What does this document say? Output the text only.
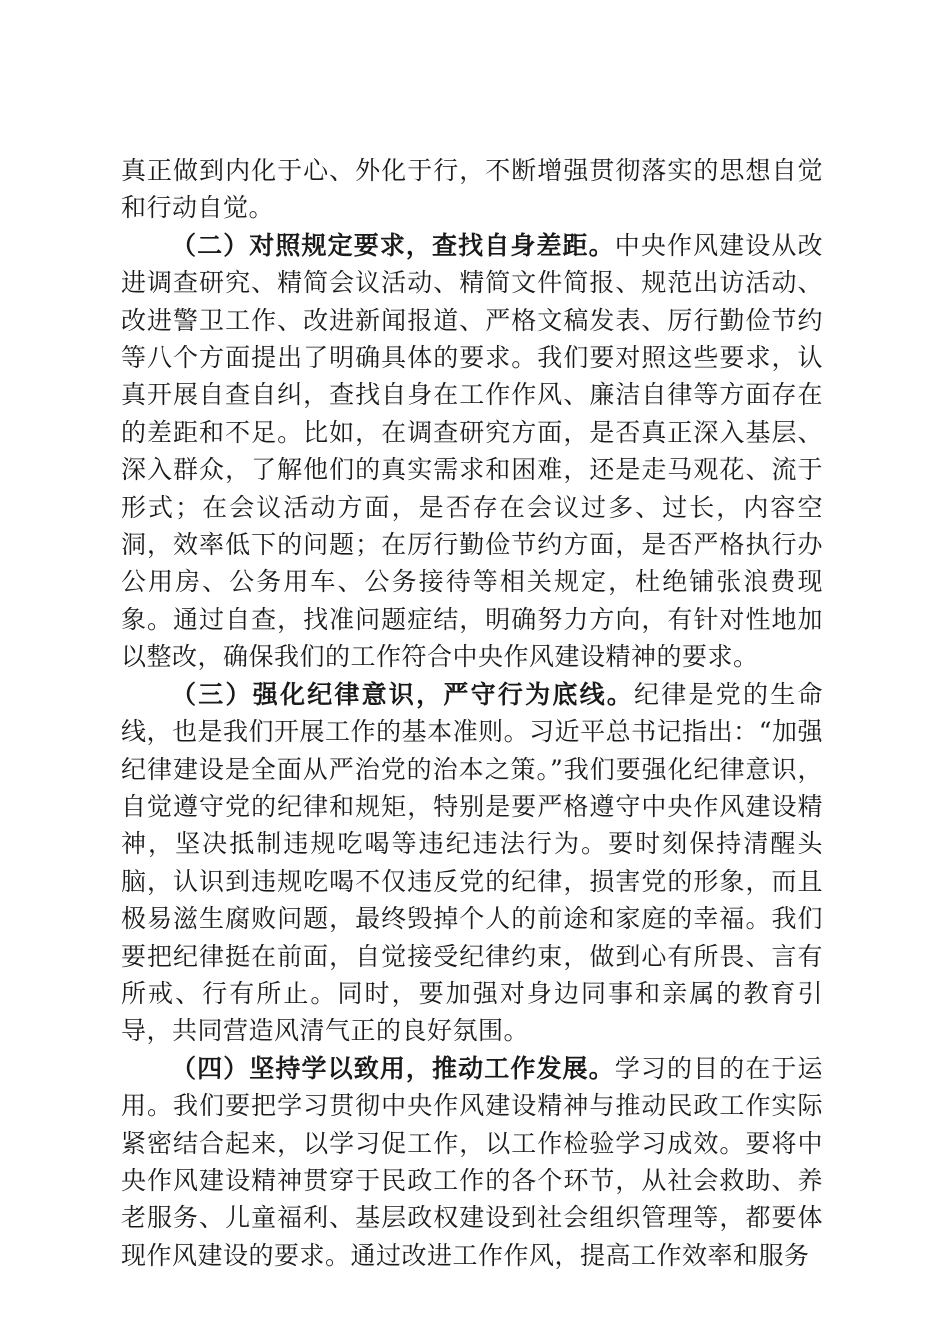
真正做到内化于心、外化于行，不断增强贯彻落实的思想自觉和行动自觉。

（二）对照规定要求，查找自身差距。中央作风建设从改进调查研究、精简会议活动、精简文件简报、规范出访活动、改进警卫工作、改进新闻报道、严格文稿发表、厉行勤俭节约等八个方面提出了明确具体的要求。我们要对照这些要求，认真开展自查自纠，查找自身在工作作风、廉洁自律等方面存在的差距和不足。比如，在调查研究方面，是否真正深入基层、深入群众，了解他们的真实需求和困难，还是走马观花、流于形式；在会议活动方面，是否存在会议过多、过长，内容空洞，效率低下的问题；在厉行勤俭节约方面，是否严格执行办公用房、公务用车、公务接待等相关规定，杜绝铺张浪费现象。通过自查，找准问题症结，明确努力方向，有针对性地加以整改，确保我们的工作符合中央作风建设精神的要求。

（三）强化纪律意识，严守行为底线。纪律是党的生命线，也是我们开展工作的基本准则。习近平总书记指出：“加强纪律建设是全面从严治党的治本之策。”我们要强化纪律意识，自觉遵守党的纪律和规矩，特别是要严格遵守中央作风建设精神，坚决抵制违规吃喝等违纪违法行为。要时刻保持清醒头脑，认识到违规吃喝不仅违反党的纪律，损害党的形象，而且极易滋生腐败问题，最终毁掉个人的前途和家庭的幸福。我们要把纪律挺在前面，自觉接受纪律约束，做到心有所畏、言有所戒、行有所止。同时，要加强对身边同事和亲属的教育引导，共同营造风清气正的良好氛围。

（四）坚持学以致用，推动工作发展。学习的目的在于运用。我们要把学习贯彻中央作风建设精神与推动民政工作实际紧密结合起来，以学习促工作，以工作检验学习成效。要将中央作风建设精神贯穿于民政工作的各个环节，从社会救助、养老服务、儿童福利、基层政权建设到社会组织管理等，都要体现作风建设的要求。通过改进工作作风，提高工作效率和服务
